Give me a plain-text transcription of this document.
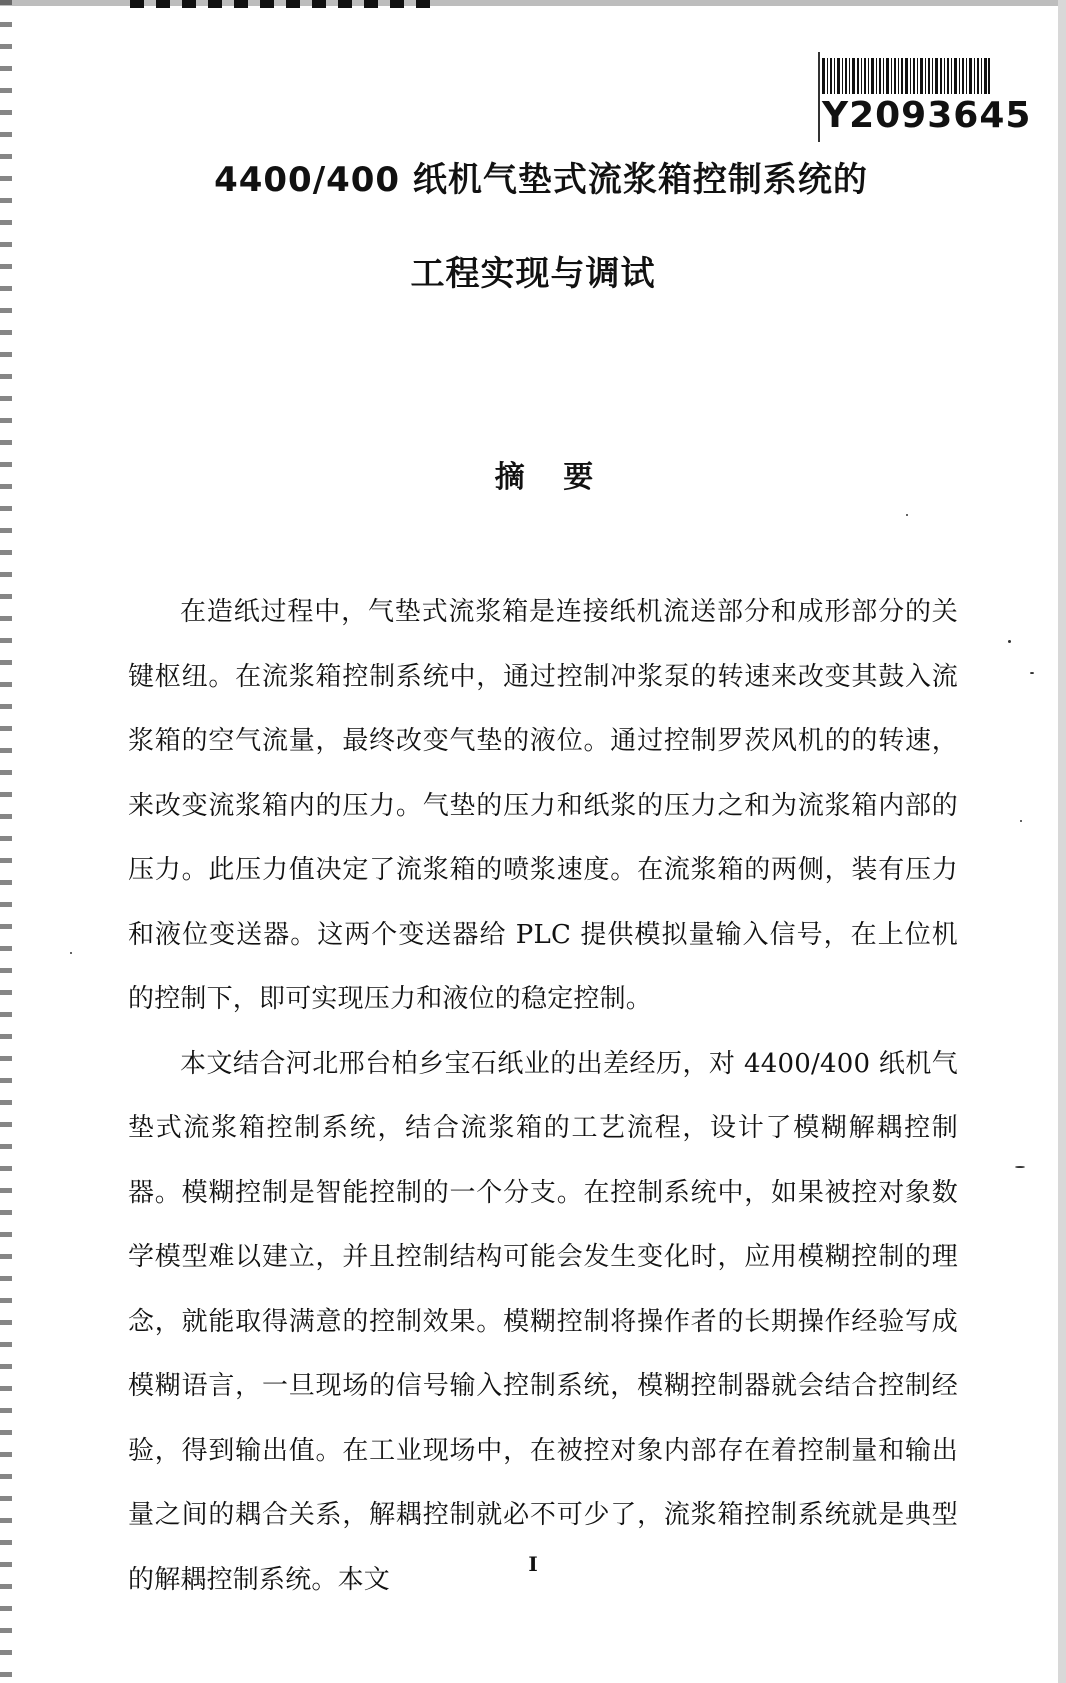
Y2093645
4400/400 纸机气垫式流浆箱控制系统的
工程实现与调试
摘 要

在造纸过程中，气垫式流浆箱是连接纸机流送部分和成形部分的关键枢纽。在流浆箱控制系统中，通过控制冲浆泵的转速来改变其鼓入流浆箱的空气流量，最终改变气垫的液位。通过控制罗茨风机的的转速，来改变流浆箱内的压力。气垫的压力和纸浆的压力之和为流浆箱内部的压力。此压力值决定了流浆箱的喷浆速度。在流浆箱的两侧，装有压力和液位变送器。这两个变送器给 PLC 提供模拟量输入信号，在上位机的控制下，即可实现压力和液位的稳定控制。

本文结合河北邢台柏乡宝石纸业的出差经历，对 4400/400 纸机气垫式流浆箱控制系统，结合流浆箱的工艺流程，设计了模糊解耦控制器。模糊控制是智能控制的一个分支。在控制系统中，如果被控对象数学模型难以建立，并且控制结构可能会发生变化时，应用模糊控制的理念，就能取得满意的控制效果。模糊控制将操作者的长期操作经验写成模糊语言，一旦现场的信号输入控制系统，模糊控制器就会结合控制经验，得到输出值。在工业现场中，在被控对象内部存在着控制量和输出量之间的耦合关系，解耦控制就必不可少了，流浆箱控制系统就是典型的解耦控制系统。本文

I
